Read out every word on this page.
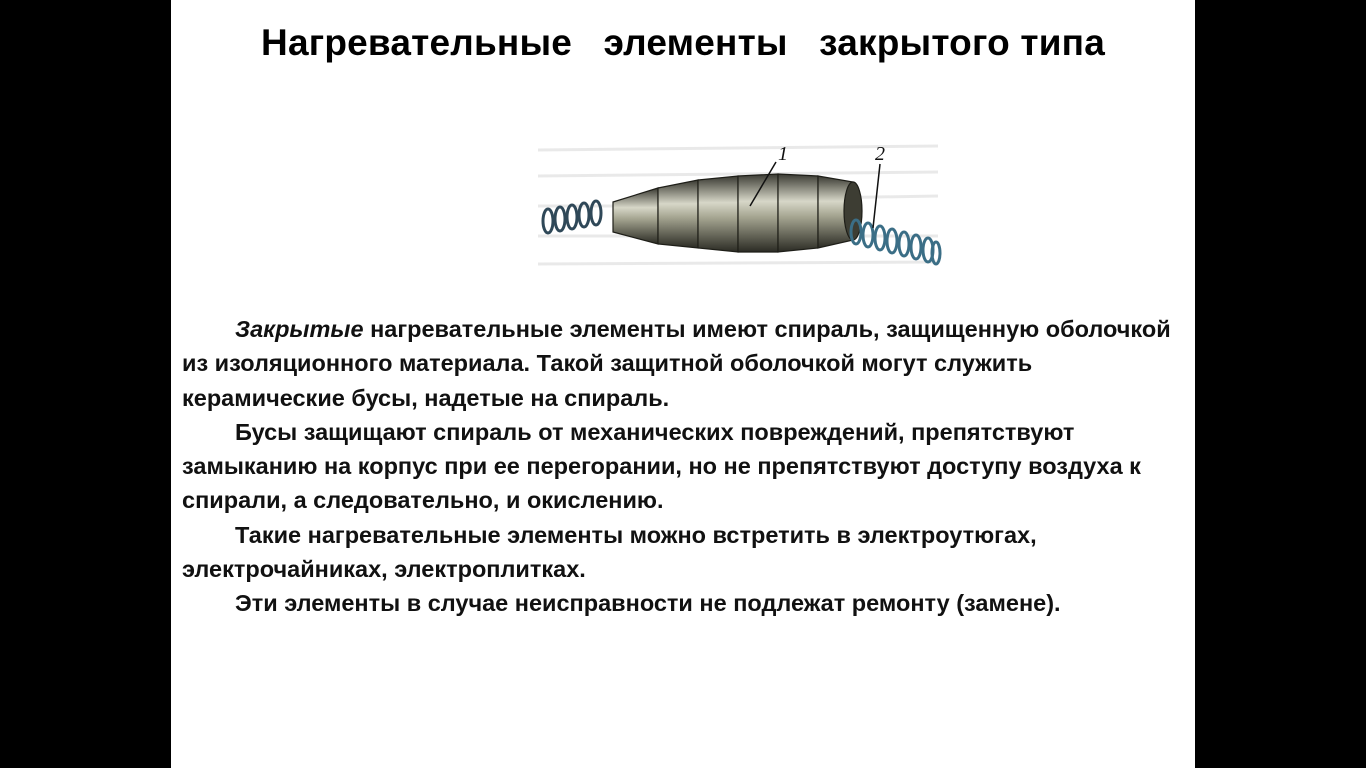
Нагревательные   элементы   закрытого типа
1	2

Закрытые нагревательные элементы имеют спираль, защищенную оболочкой из изоляционного материала. Такой защитной оболочкой могут служить керамические бусы, надетые на спираль.

Бусы защищают спираль от механических повреждений, препятствуют замыканию на корпус при ее перегорании, но не препятствуют доступу воздуха к спирали, а следовательно, и окислению.

Такие нагревательные элементы можно встретить в электроутюгах, электрочайниках, электроплитках.

Эти элементы в случае неисправности не подлежат ремонту (замене).
